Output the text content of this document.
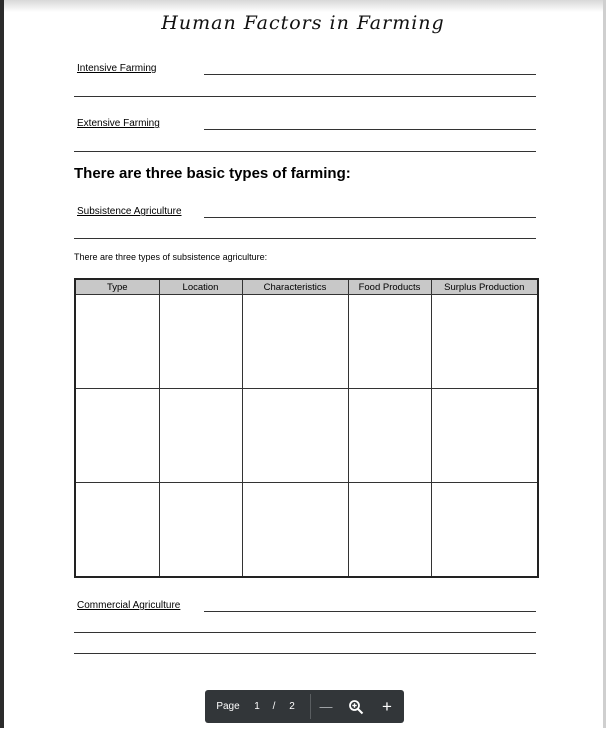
Human Factors in Farming
Intensive Farming
Extensive Farming
There are three basic types of farming:
Subsistence Agriculture
There are three types of subsistence agriculture:
Type	Location	Characteristics	Food Products	Surplus Production

Commercial Agriculture
Page	1	/	2	—	+
